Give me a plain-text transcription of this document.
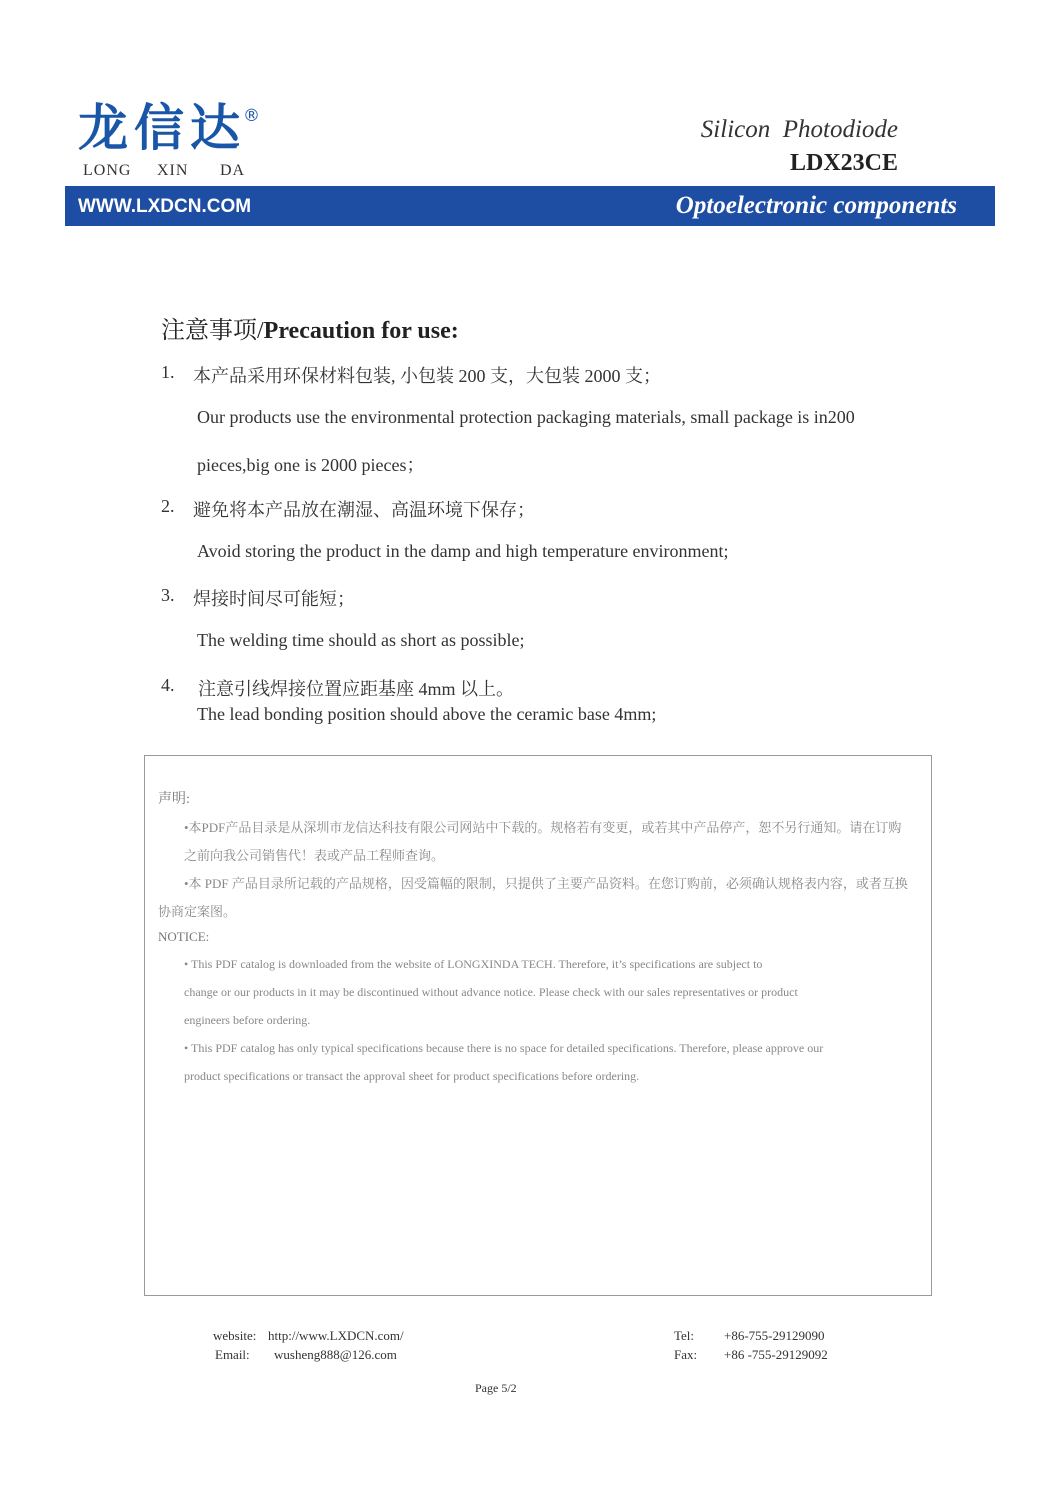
龙信达
®
LONG XIN DA
Silicon  Photodiode
LDX23CE
WWW.LXDCN.COM	Optoelectronic components
注意事项/Precaution for use:
1. 本产品采用环保材料包装, 小包装 200 支，大包装 2000 支；
Our products use the environmental protection packaging materials, small package is in200
pieces,big one is 2000 pieces；
2. 避免将本产品放在潮湿、高温环境下保存；
Avoid storing the product in the damp and high temperature environment;
3. 焊接时间尽可能短；
The welding time should as short as possible;
4. 注意引线焊接位置应距基座 4mm 以上。
The lead bonding position should above the ceramic base 4mm;
声明:
•本PDF产品目录是从深圳市龙信达科技有限公司网站中下载的。规格若有变更，或若其中产品停产，恕不另行通知。请在订购
之前向我公司销售代！表或产品工程师查询。
•本 PDF 产品目录所记载的产品规格，因受篇幅的限制，只提供了主要产品资料。在您订购前，必须确认规格表内容，或者互换
协商定案图。
NOTICE:
• This PDF catalog is downloaded from the website of LONGXINDA TECH. Therefore, it’s specifications are subject to
change or our products in it may be discontinued without advance notice. Please check with our sales representatives or product
engineers before ordering.
• This PDF catalog has only typical specifications because there is no space for detailed specifications. Therefore, please approve our
product specifications or transact the approval sheet for product specifications before ordering.
website: http://www.LXDCN.com/
Email: wusheng888@126.com
Tel: +86-755-29129090
Fax: +86 -755-29129092
Page 5/2
